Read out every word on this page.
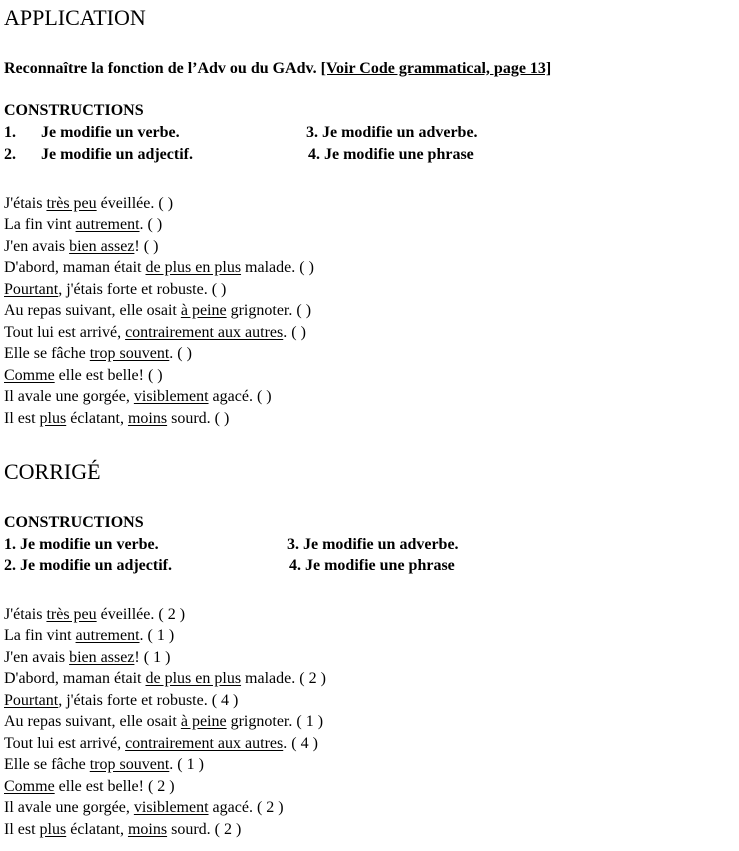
APPLICATION
Reconnaître la fonction de l’Adv ou du GAdv. [Voir Code grammatical, page 13]
CONSTRUCTIONS
1. Je modifie un verbe.	3. Je modifie un adverbe.
2. Je modifie un adjectif.	4. Je modifie une phrase
J'étais très peu éveillée. ( )
La fin vint autrement. ( )
J'en avais bien assez! ( )
D'abord, maman était de plus en plus malade. ( )
Pourtant, j'étais forte et robuste. ( )
Au repas suivant, elle osait à peine grignoter. ( )
Tout lui est arrivé, contrairement aux autres. ( )
Elle se fâche trop souvent. ( )
Comme elle est belle! ( )
Il avale une gorgée, visiblement agacé. ( )
Il est plus éclatant, moins sourd. ( )
CORRIGÉ
CONSTRUCTIONS
1. Je modifie un verbe.	3. Je modifie un adverbe.
2. Je modifie un adjectif.	4. Je modifie une phrase
J'étais très peu éveillée. ( 2 )
La fin vint autrement. ( 1 )
J'en avais bien assez! ( 1 )
D'abord, maman était de plus en plus malade. ( 2 )
Pourtant, j'étais forte et robuste. ( 4 )
Au repas suivant, elle osait à peine grignoter. ( 1 )
Tout lui est arrivé, contrairement aux autres. ( 4 )
Elle se fâche trop souvent. ( 1 )
Comme elle est belle! ( 2 )
Il avale une gorgée, visiblement agacé. ( 2 )
Il est plus éclatant, moins sourd. ( 2 )
